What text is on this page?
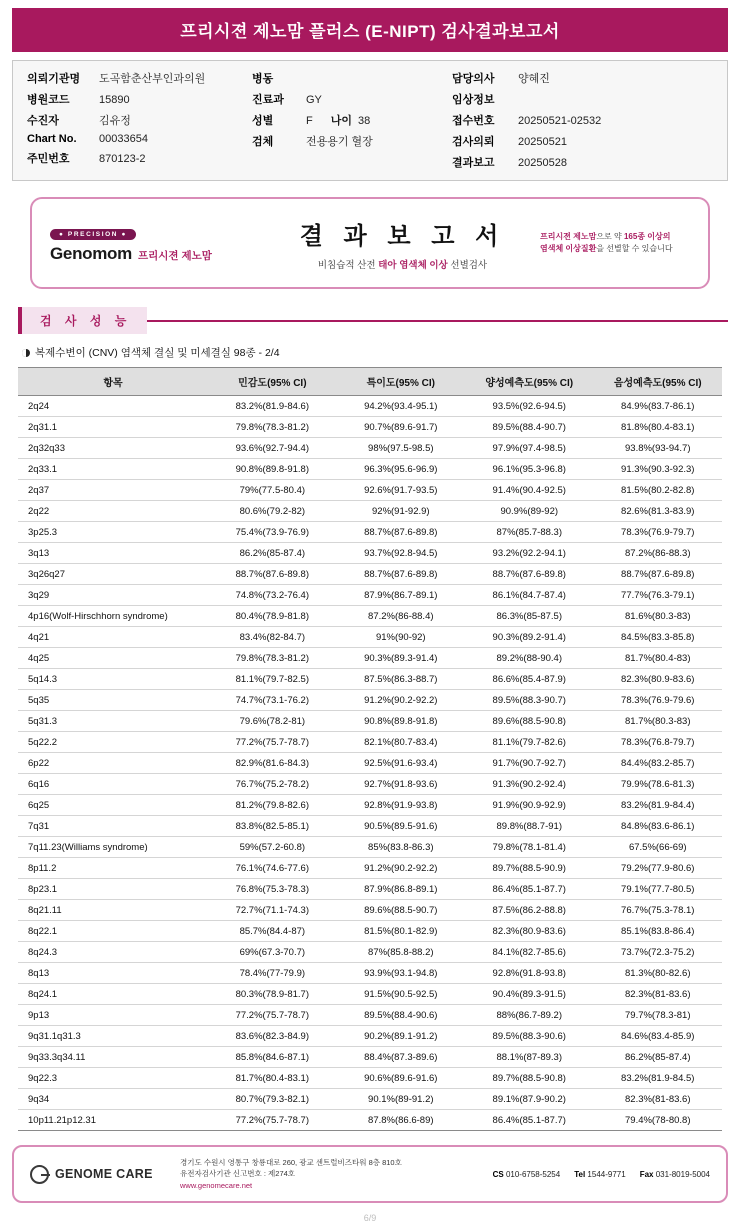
프리시젼 제노맘 플러스 (E-NIPT) 검사결과보고서
의뢰기관명	도곡함춘산부인과의원
병원코드	15890
수진자	김유정
Chart No.	00033654
주민번호	870123-2
병동
진료과	GY
성별	F 나이 38
검체	전용용기 혈장
담당의사	양혜진
임상정보
접수번호	20250521-02532
검사의뢰	20250521
결과보고	20250528
● PRECISION ●
Genomom 프리시젼 제노맘
결 과 보 고 서
비침습적 산전 태아 염색체 이상 선별검사
프리시젼 제노맘으로 약 165종 이상의
염색체 이상질환을 선별할 수 있습니다
검 사 성 능
복제수변이 (CNV) 염색체 결실 및 미세결실 98종 - 2/4
항목	민감도(95% CI)	특이도(95% CI)	양성예측도(95% CI)	음성예측도(95% CI)
2q24	83.2%(81.9-84.6)	94.2%(93.4-95.1)	93.5%(92.6-94.5)	84.9%(83.7-86.1)
2q31.1	79.8%(78.3-81.2)	90.7%(89.6-91.7)	89.5%(88.4-90.7)	81.8%(80.4-83.1)
2q32q33	93.6%(92.7-94.4)	98%(97.5-98.5)	97.9%(97.4-98.5)	93.8%(93-94.7)
2q33.1	90.8%(89.8-91.8)	96.3%(95.6-96.9)	96.1%(95.3-96.8)	91.3%(90.3-92.3)
2q37	79%(77.5-80.4)	92.6%(91.7-93.5)	91.4%(90.4-92.5)	81.5%(80.2-82.8)
2q22	80.6%(79.2-82)	92%(91-92.9)	90.9%(89-92)	82.6%(81.3-83.9)
3p25.3	75.4%(73.9-76.9)	88.7%(87.6-89.8)	87%(85.7-88.3)	78.3%(76.9-79.7)
3q13	86.2%(85-87.4)	93.7%(92.8-94.5)	93.2%(92.2-94.1)	87.2%(86-88.3)
3q26q27	88.7%(87.6-89.8)	88.7%(87.6-89.8)	88.7%(87.6-89.8)	88.7%(87.6-89.8)
3q29	74.8%(73.2-76.4)	87.9%(86.7-89.1)	86.1%(84.7-87.4)	77.7%(76.3-79.1)
4p16(Wolf-Hirschhorn syndrome)	80.4%(78.9-81.8)	87.2%(86-88.4)	86.3%(85-87.5)	81.6%(80.3-83)
4q21	83.4%(82-84.7)	91%(90-92)	90.3%(89.2-91.4)	84.5%(83.3-85.8)
4q25	79.8%(78.3-81.2)	90.3%(89.3-91.4)	89.2%(88-90.4)	81.7%(80.4-83)
5q14.3	81.1%(79.7-82.5)	87.5%(86.3-88.7)	86.6%(85.4-87.9)	82.3%(80.9-83.6)
5q35	74.7%(73.1-76.2)	91.2%(90.2-92.2)	89.5%(88.3-90.7)	78.3%(76.9-79.6)
5q31.3	79.6%(78.2-81)	90.8%(89.8-91.8)	89.6%(88.5-90.8)	81.7%(80.3-83)
5q22.2	77.2%(75.7-78.7)	82.1%(80.7-83.4)	81.1%(79.7-82.6)	78.3%(76.8-79.7)
6p22	82.9%(81.6-84.3)	92.5%(91.6-93.4)	91.7%(90.7-92.7)	84.4%(83.2-85.7)
6q16	76.7%(75.2-78.2)	92.7%(91.8-93.6)	91.3%(90.2-92.4)	79.9%(78.6-81.3)
6q25	81.2%(79.8-82.6)	92.8%(91.9-93.8)	91.9%(90.9-92.9)	83.2%(81.9-84.4)
7q31	83.8%(82.5-85.1)	90.5%(89.5-91.6)	89.8%(88.7-91)	84.8%(83.6-86.1)
7q11.23(Williams syndrome)	59%(57.2-60.8)	85%(83.8-86.3)	79.8%(78.1-81.4)	67.5%(66-69)
8p11.2	76.1%(74.6-77.6)	91.2%(90.2-92.2)	89.7%(88.5-90.9)	79.2%(77.9-80.6)
8p23.1	76.8%(75.3-78.3)	87.9%(86.8-89.1)	86.4%(85.1-87.7)	79.1%(77.7-80.5)
8q21.11	72.7%(71.1-74.3)	89.6%(88.5-90.7)	87.5%(86.2-88.8)	76.7%(75.3-78.1)
8q22.1	85.7%(84.4-87)	81.5%(80.1-82.9)	82.3%(80.9-83.6)	85.1%(83.8-86.4)
8q24.3	69%(67.3-70.7)	87%(85.8-88.2)	84.1%(82.7-85.6)	73.7%(72.3-75.2)
8q13	78.4%(77-79.9)	93.9%(93.1-94.8)	92.8%(91.8-93.8)	81.3%(80-82.6)
8q24.1	80.3%(78.9-81.7)	91.5%(90.5-92.5)	90.4%(89.3-91.5)	82.3%(81-83.6)
9p13	77.2%(75.7-78.7)	89.5%(88.4-90.6)	88%(86.7-89.2)	79.7%(78.3-81)
9q31.1q31.3	83.6%(82.3-84.9)	90.2%(89.1-91.2)	89.5%(88.3-90.6)	84.6%(83.4-85.9)
9q33.3q34.11	85.8%(84.6-87.1)	88.4%(87.3-89.6)	88.1%(87-89.3)	86.2%(85-87.4)
9q22.3	81.7%(80.4-83.1)	90.6%(89.6-91.6)	89.7%(88.5-90.8)	83.2%(81.9-84.5)
9q34	80.7%(79.3-82.1)	90.1%(89-91.2)	89.1%(87.9-90.2)	82.3%(81-83.6)
10p11.21p12.31	77.2%(75.7-78.7)	87.8%(86.6-89)	86.4%(85.1-87.7)	79.4%(78-80.8)
GENOME CARE
경기도 수원시 영통구 창룡대로 260, 광교 센트럴비즈타워 8층 810호
유전자검사기관 신고번호 : 제274호
www.genomecare.net
CS 010-6758-5254 Tel 1544-9771 Fax 031-8019-5004
6/9
